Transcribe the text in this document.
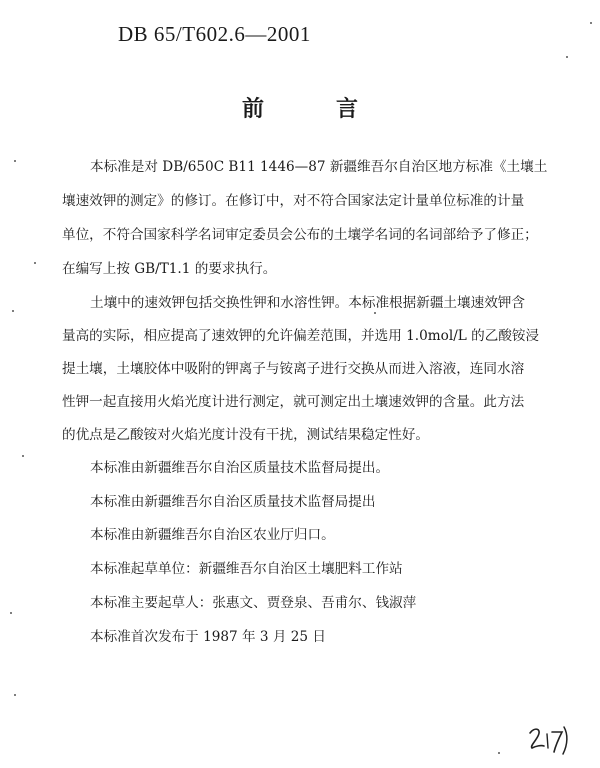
DB 65/T602.6—2001
前	言
本标准是对 DB/650C B11 1446—87 新疆维吾尔自治区地方标准《土壤土
壤速效钾的测定》的修订。在修订中，对不符合国家法定计量单位标准的计量
单位，不符合国家科学名词审定委员会公布的土壤学名词的名词部给予了修正；
在编写上按 GB/T1.1 的要求执行。
土壤中的速效钾包括交换性钾和水溶性钾。本标准根据新疆土壤速效钾含
量高的实际，相应提高了速效钾的允许偏差范围，并选用 1.0mol/L 的乙酸铵浸
提土壤，土壤胶体中吸附的钾离子与铵离子进行交换从而进入溶液，连同水溶
性钾一起直接用火焰光度计进行测定，就可测定出土壤速效钾的含量。此方法
的优点是乙酸铵对火焰光度计没有干扰，测试结果稳定性好。
本标准由新疆维吾尔自治区质量技术监督局提出。
本标准由新疆维吾尔自治区质量技术监督局提出
本标准由新疆维吾尔自治区农业厅归口。
本标准起草单位：新疆维吾尔自治区土壤肥料工作站
本标准主要起草人：张惠文、贾登泉、吾甫尔、钱淑萍
本标准首次发布于 1987 年 3 月 25 日
